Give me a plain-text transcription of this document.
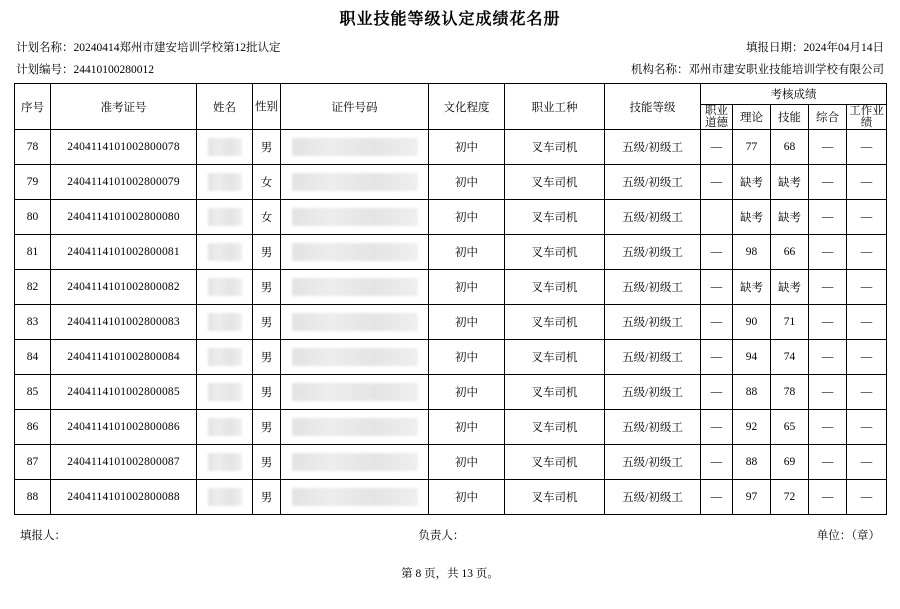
职业技能等级认定成绩花名册
计划名称：20240414郑州市建安培训学校第12批认定	填报日期：2024年04月14日
计划编号：24410100280012	机构名称：邓州市建安职业技能培训学校有限公司
序号	准考证号	姓名	性别	证件号码	文化程度	职业工种	技能等级	考核成绩				
								职业道德	理论	技能	综合	工作业绩
78	2404114101002800078		男		初中	叉车司机	五级/初级工	—	77	68	—	—
79	2404114101002800079		女		初中	叉车司机	五级/初级工	—	缺考	缺考	—	—
80	2404114101002800080		女		初中	叉车司机	五级/初级工		缺考	缺考	—	—
81	2404114101002800081		男		初中	叉车司机	五级/初级工	—	98	66	—	—
82	2404114101002800082		男		初中	叉车司机	五级/初级工	—	缺考	缺考	—	—
83	2404114101002800083		男		初中	叉车司机	五级/初级工	—	90	71	—	—
84	2404114101002800084		男		初中	叉车司机	五级/初级工	—	94	74	—	—
85	2404114101002800085		男		初中	叉车司机	五级/初级工	—	88	78	—	—
86	2404114101002800086		男		初中	叉车司机	五级/初级工	—	92	65	—	—
87	2404114101002800087		男		初中	叉车司机	五级/初级工	—	88	69	—	—
88	2404114101002800088		男		初中	叉车司机	五级/初级工	—	97	72	—	—
填报人：	负责人：	单位：（章）
第 8 页，共 13 页。
